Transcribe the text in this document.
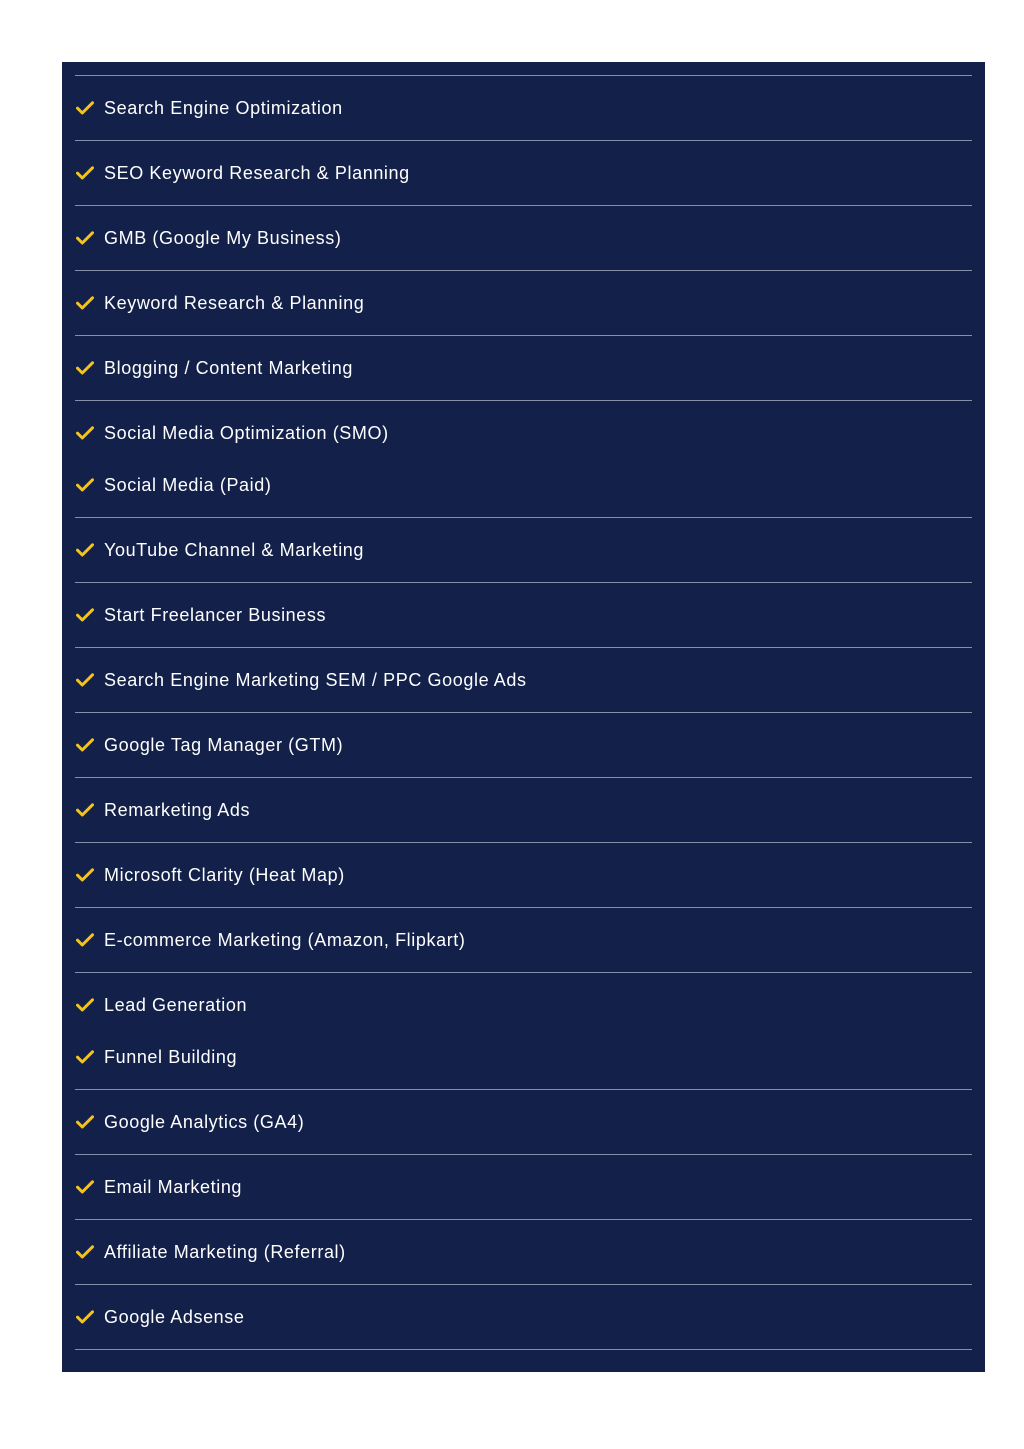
Search Engine Optimization
SEO Keyword Research & Planning
GMB (Google My Business)
Keyword Research & Planning
Blogging / Content Marketing
Social Media Optimization (SMO)
Social Media (Paid)
YouTube Channel & Marketing
Start Freelancer Business
Search Engine Marketing SEM / PPC Google Ads
Google Tag Manager (GTM)
Remarketing Ads
Microsoft Clarity (Heat Map)
E-commerce Marketing (Amazon, Flipkart)
Lead Generation
Funnel Building
Google Analytics (GA4)
Email Marketing
Affiliate Marketing (Referral)
Google Adsense
